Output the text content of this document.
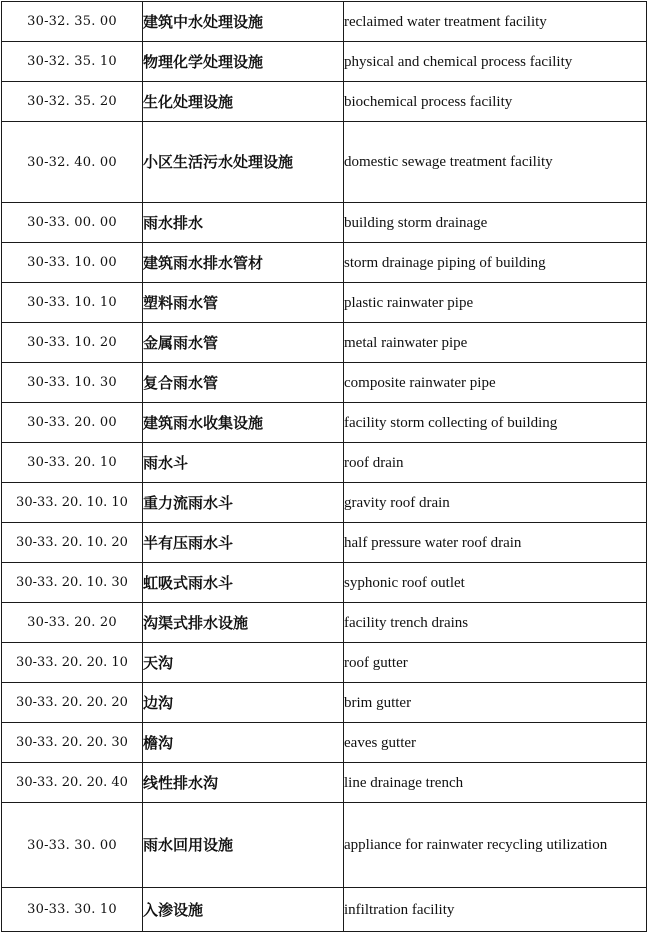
30-32. 35. 00	建筑中水处理设施	reclaimed water treatment facility
30-32. 35. 10	物理化学处理设施	physical and chemical process facility
30-32. 35. 20	生化处理设施	biochemical process facility
30-32. 40. 00	小区生活污水处理设施	domestic sewage treatment facility
30-33. 00. 00	雨水排水	building storm drainage
30-33. 10. 00	建筑雨水排水管材	storm drainage piping of building
30-33. 10. 10	塑料雨水管	plastic rainwater pipe
30-33. 10. 20	金属雨水管	metal rainwater pipe
30-33. 10. 30	复合雨水管	composite rainwater pipe
30-33. 20. 00	建筑雨水收集设施	facility storm collecting of building
30-33. 20. 10	雨水斗	roof drain
30-33. 20. 10. 10	重力流雨水斗	gravity roof drain
30-33. 20. 10. 20	半有压雨水斗	half pressure water roof drain
30-33. 20. 10. 30	虹吸式雨水斗	syphonic roof outlet
30-33. 20. 20	沟渠式排水设施	facility trench drains
30-33. 20. 20. 10	天沟	roof gutter
30-33. 20. 20. 20	边沟	brim gutter
30-33. 20. 20. 30	檐沟	eaves gutter
30-33. 20. 20. 40	线性排水沟	line drainage trench
30-33. 30. 00	雨水回用设施	appliance for rainwater recycling utilization
30-33. 30. 10	入渗设施	infiltration facility
